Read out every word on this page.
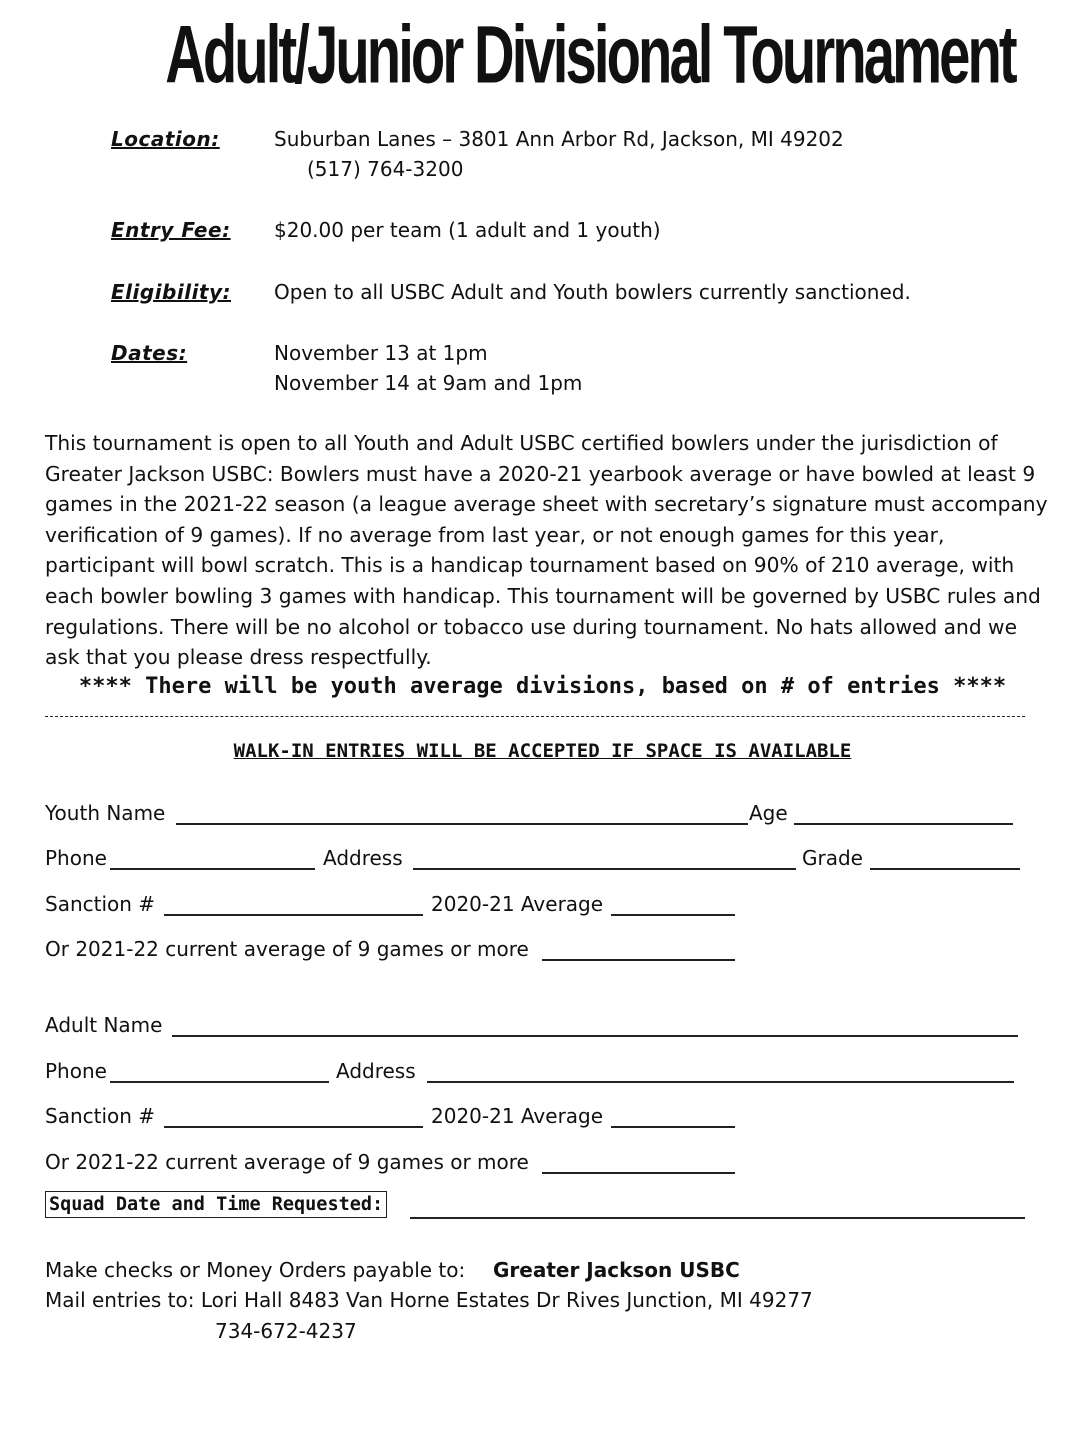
Adult/Junior Divisional Tournament
Location:	Suburban Lanes – 3801 Ann Arbor Rd, Jackson, MI 49202
(517) 764-3200
Entry Fee: $20.00 per team (1 adult and 1 youth)
Eligibility: Open to all USBC Adult and Youth bowlers currently sanctioned.
Dates:	November 13 at 1pm
November 14 at 9am and 1pm
This tournament is open to all Youth and Adult USBC certified bowlers under the jurisdiction of Greater Jackson USBC: Bowlers must have a 2020-21 yearbook average or have bowled at least 9 games in the 2021-22 season (a league average sheet with secretary’s signature must accompany verification of 9 games). If no average from last year, or not enough games for this year, participant will bowl scratch. This is a handicap tournament based on 90% of 210 average, with each bowler bowling 3 games with handicap. This tournament will be governed by USBC rules and regulations. There will be no alcohol or tobacco use during tournament. No hats allowed and we ask that you please dress respectfully.
**** There will be youth average divisions, based on # of entries ****
WALK-IN ENTRIES WILL BE ACCEPTED IF SPACE IS AVAILABLE
Youth Name	Age
Phone	Address	Grade
Sanction #	2020-21 Average
Or 2021-22 current average of 9 games or more
Adult Name
Phone	Address
Sanction #	2020-21 Average
Or 2021-22 current average of 9 games or more
Squad Date and Time Requested:
Make checks or Money Orders payable to: Greater Jackson USBC
Mail entries to: Lori Hall 8483 Van Horne Estates Dr Rives Junction, MI 49277
734-672-4237
